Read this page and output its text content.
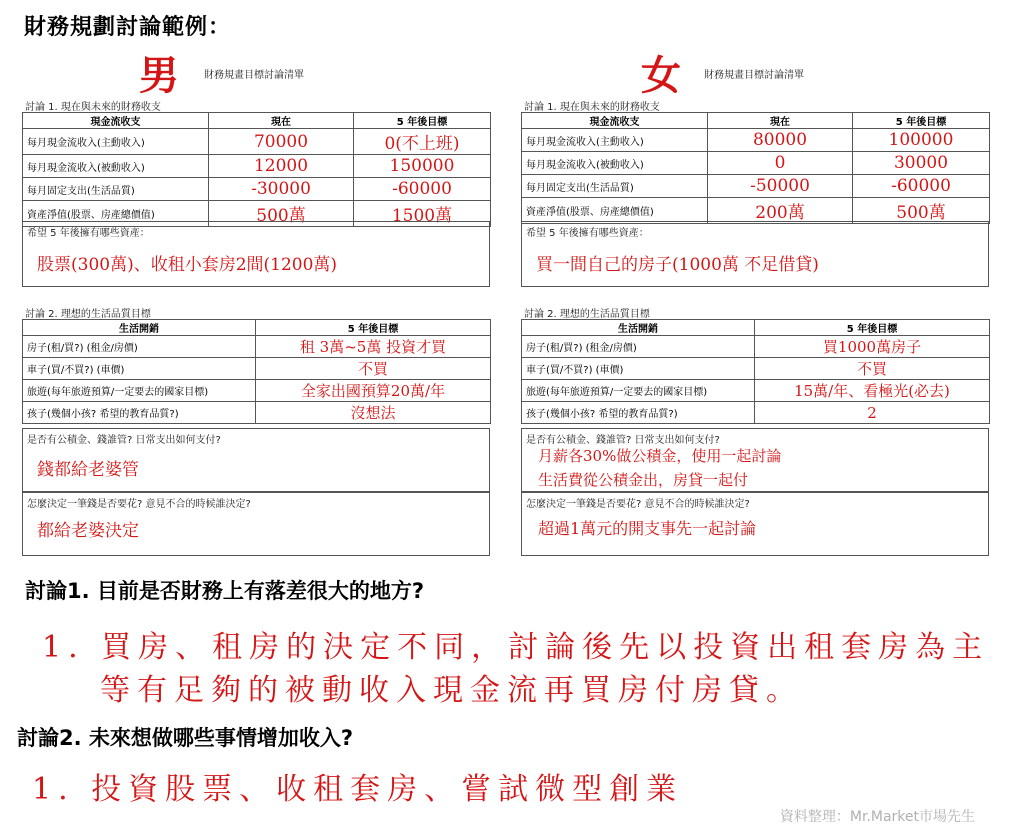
財務規劃討論範例：
男	財務規畫目標討論清單
討論 1. 現在與未來的財務收支
現金流收支	現在	5 年後目標
每月現金流收入(主動收入)	70000	0(不上班)
每月現金流收入(被動收入)	12000	150000
每月固定支出(生活品質)	-30000	-60000
資產淨值(股票、房產總價值)	500萬	1500萬
希望 5 年後擁有哪些資產：
股票(300萬)、收租小套房2間(1200萬)
討論 2. 理想的生活品質目標
生活開銷	5 年後目標
房子(租/買?) (租金/房價)	租 3萬~5萬 投資才買
車子(買/不買?) (車價)	不買
旅遊(每年旅遊預算/一定要去的國家目標)	全家出國預算20萬/年
孩子(幾個小孩? 希望的教育品質?)	沒想法
是否有公積金、錢誰管? 日常支出如何支付?
錢都給老婆管
怎麼決定一筆錢是否要花? 意見不合的時候誰決定?
都給老婆決定
女 財務規畫目標討論清單
討論 1. 現在與未來的財務收支
現金流收支	現在	5 年後目標
每月現金流收入(主動收入)	80000	100000
每月現金流收入(被動收入)	0	30000
每月固定支出(生活品質)	-50000	-60000
資產淨值(股票、房產總價值)	200萬	500萬
希望 5 年後擁有哪些資產：
買一間自己的房子(1000萬 不足借貸)
討論 2. 理想的生活品質目標
生活開銷	5 年後目標
房子(租/買?) (租金/房價)	買1000萬房子
車子(買/不買?) (車價)	不買
旅遊(每年旅遊預算/一定要去的國家目標)	15萬/年、看極光(必去)
孩子(幾個小孩? 希望的教育品質?)	2
是否有公積金、錢誰管? 日常支出如何支付?
月薪各30%做公積金，使用一起討論
生活費從公積金出，房貸一起付
怎麼決定一筆錢是否要花? 意見不合的時候誰決定?
超過1萬元的開支事先一起討論
討論1. 目前是否財務上有落差很大的地方?
1. 買房、租房的決定不同，討論後先以投資出租套房為主
等有足夠的被動收入現金流再買房付房貸。
討論2. 未來想做哪些事情增加收入?
1. 投資股票、收租套房、嘗試微型創業
資料整理：Mr.Market市場先生
